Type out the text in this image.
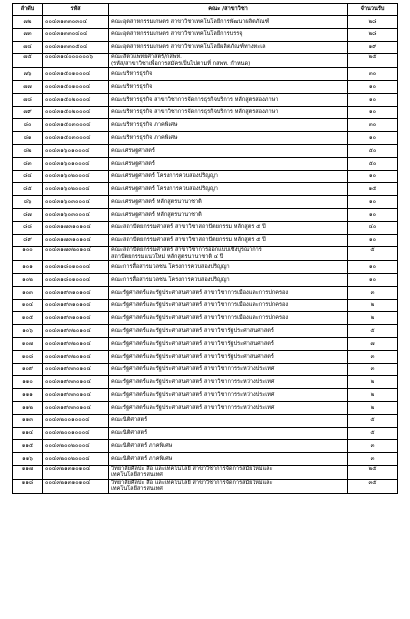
ลำดับ	รหัส	คณะ /สาขาวิชา	จำนวนรับ
๗๒	๐๐๔๓๑๓๓๐๓๐๔	คณะอุตสาหกรรมเกษตร สาขาวิชาเทคโนโลยีการพัฒนาผลิตภัณฑ์	๒๘
๗๓	๐๐๔๓๑๓๓๐๔๐๔	คณะอุตสาหกรรมเกษตร สาขาวิชาเทคโนโลยีการบรรจุ	๒๘
๗๔	๐๐๔๓๑๓๓๐๕๐๔	คณะอุตสาหกรรมเกษตร สาขาวิชาเทคโนโลยีผลิตภัณฑ์ทางทะเล	๑๙
๗๕	๐๐๔๓๑๔๐๐๐๐๐๐๖	คณะสัตวแพทยศาสตร์/กสพท.
(รหัส/สาขาวิชาเพื่อการสมัครเป็นไปตามที่ กสพท. กำหนด)	๒๕
๗๖	๐๐๔๓๑๕๐๑๐๐๐๔	คณะบริหารธุรกิจ	๓๐
๗๗	๐๐๔๓๑๕๐๑๐๐๐๔	คณะบริหารธุรกิจ	๑๐
๗๘	๐๐๔๓๑๕๐๒๐๐๐๔	คณะบริหารธุรกิจ สาขาวิชาการจัดการธุรกิจบริการ หลักสูตรสองภาษา	๑๐
๗๙	๐๐๔๓๑๕๐๒๐๐๐๔	คณะบริหารธุรกิจ สาขาวิชาการจัดการธุรกิจบริการ หลักสูตรสองภาษา	๑๐
๘๐	๐๐๔๓๑๕๐๓๐๐๐๔	คณะบริหารธุรกิจ ภาคพิเศษ	๓๐
๘๑	๐๐๔๓๑๕๐๓๐๐๐๔	คณะบริหารธุรกิจ ภาคพิเศษ	๑๐
๘๒	๐๐๔๓๑๖๐๑๐๐๐๔	คณะเศรษฐศาสตร์	๕๐
๘๓	๐๐๔๓๑๖๐๑๐๐๐๔	คณะเศรษฐศาสตร์	๕๐
๘๔	๐๐๔๓๑๖๐๒๐๐๐๔	คณะเศรษฐศาสตร์ โครงการควบสองปริญญา	๑๐
๘๕	๐๐๔๓๑๖๐๒๐๐๐๔	คณะเศรษฐศาสตร์ โครงการควบสองปริญญา	๑๕
๘๖	๐๐๔๓๑๖๐๓๐๐๐๔	คณะเศรษฐศาสตร์ หลักสูตรนานาชาติ	๑๐
๘๗	๐๐๔๓๑๖๐๓๐๐๐๔	คณะเศรษฐศาสตร์ หลักสูตรนานาชาติ	๑๐
๘๘	๐๐๔๓๑๗๓๑๐๑๐๔	คณะสถาปัตยกรรมศาสตร์ สาขาวิชาสถาปัตยกรรม หลักสูตร ๕ ปี	๔๐
๘๙	๐๐๔๓๑๗๓๑๐๑๐๔	คณะสถาปัตยกรรมศาสตร์ สาขาวิชาสถาปัตยกรรม หลักสูตร ๕ ปี	๑๐
๑๐๐	๐๐๔๓๑๗๓๒๐๑๐๔	คณะสถาปัตยกรรมศาสตร์ สาขาวิชาการออกแบบเชิงบูรณาการ
สถาปัตยกรรมแนวใหม่ หลักสูตรนานาชาติ ๔ ปี	๕
๑๐๑	๐๐๔๓๑๘๐๑๐๐๐๔	คณะการสื่อสารมวลชน โครงการควบสองปริญญา	๑๐
๑๐๒	๐๐๔๓๑๘๐๑๐๐๐๔	คณะการสื่อสารมวลชน โครงการควบสองปริญญา	๑๐
๑๐๓	๐๐๔๓๑๙๓๑๐๑๐๔	คณะรัฐศาสตร์และรัฐประศาสนศาสตร์ สาขาวิชาการเมืองและการปกครอง	๓
๑๐๔	๐๐๔๓๑๙๓๑๐๑๐๔	คณะรัฐศาสตร์และรัฐประศาสนศาสตร์ สาขาวิชาการเมืองและการปกครอง	๒
๑๐๕	๐๐๔๓๑๙๓๑๐๑๐๔	คณะรัฐศาสตร์และรัฐประศาสนศาสตร์ สาขาวิชาการเมืองและการปกครอง	๒
๑๐๖	๐๐๔๓๑๙๓๒๐๑๐๔	คณะรัฐศาสตร์และรัฐประศาสนศาสตร์ สาขาวิชารัฐประศาสนศาสตร์	๕
๑๐๗	๐๐๔๓๑๙๓๒๐๑๐๔	คณะรัฐศาสตร์และรัฐประศาสนศาสตร์ สาขาวิชารัฐประศาสนศาสตร์	๗
๑๐๘	๐๐๔๓๑๙๓๒๐๑๐๔	คณะรัฐศาสตร์และรัฐประศาสนศาสตร์ สาขาวิชารัฐประศาสนศาสตร์	๓
๑๐๙	๐๐๔๓๑๙๓๓๐๑๐๔	คณะรัฐศาสตร์และรัฐประศาสนศาสตร์ สาขาวิชาการระหว่างประเทศ	๓
๑๑๐	๐๐๔๓๑๙๓๓๐๑๐๔	คณะรัฐศาสตร์และรัฐประศาสนศาสตร์ สาขาวิชาการระหว่างประเทศ	๒
๑๑๑	๐๐๔๓๑๙๓๓๐๑๐๔	คณะรัฐศาสตร์และรัฐประศาสนศาสตร์ สาขาวิชาการระหว่างประเทศ	๒
๑๑๒	๐๐๔๓๑๙๓๓๐๑๐๔	คณะรัฐศาสตร์และรัฐประศาสนศาสตร์ สาขาวิชาการระหว่างประเทศ	๒
๑๑๓	๐๐๔๓๒๐๐๑๐๐๐๔	คณะนิติศาสตร์	๕
๑๑๔	๐๐๔๓๒๐๐๑๐๐๐๔	คณะนิติศาสตร์	๕
๑๑๕	๐๐๔๓๒๐๐๒๐๐๐๔	คณะนิติศาสตร์ ภาคพิเศษ	๓
๑๑๖	๐๐๔๓๒๐๐๒๐๐๐๔	คณะนิติศาสตร์ ภาคพิเศษ	๓
๑๑๗	๐๐๔๓๒๑๓๑๐๑๐๔	วิทยาลัยศิลปะ สื่อ และเทคโนโลยี สาขาวิชาการจัดการสมัยใหม่และ
เทคโนโลยีสารสนเทศ	๒๕
๑๑๘	๐๐๔๓๒๑๓๑๐๑๐๔	วิทยาลัยศิลปะ สื่อ และเทคโนโลยี สาขาวิชาการจัดการสมัยใหม่และ
เทคโนโลยีสารสนเทศ	๓๕
